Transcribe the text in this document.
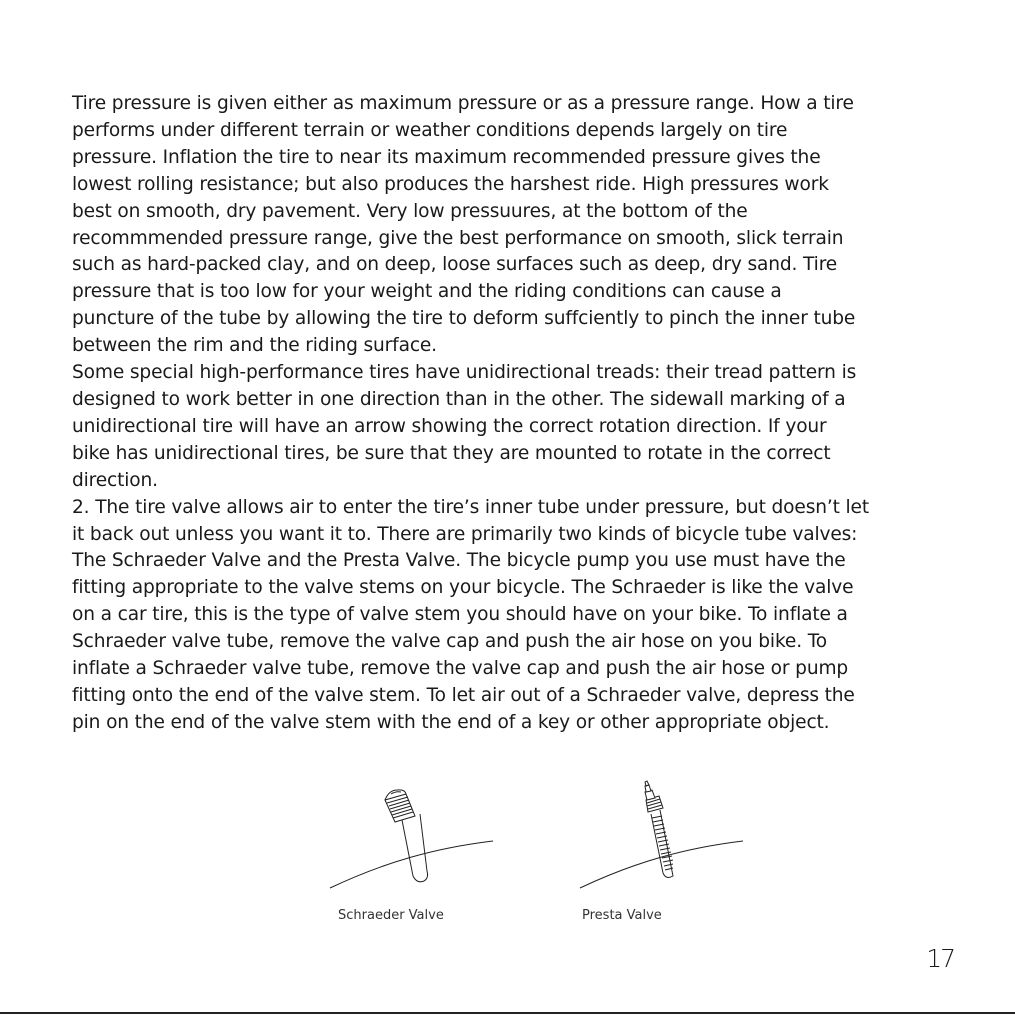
Tire pressure is given either as maximum pressure or as a pressure range. How a tire
performs under different terrain or weather conditions depends largely on tire
pressure. Inflation the tire to near its maximum recommended pressure gives the
lowest rolling resistance; but also produces the harshest ride. High pressures work
best on smooth, dry pavement. Very low pressuures, at the bottom of the
recommmended pressure range, give the best performance on smooth, slick terrain
such as hard-packed clay, and on deep, loose surfaces such as deep, dry sand. Tire
pressure that is too low for your weight and the riding conditions can cause a
puncture of the tube by allowing the tire to deform suffciently to pinch the inner tube
between the rim and the riding surface.
Some special high-performance tires have unidirectional treads: their tread pattern is
designed to work better in one direction than in the other. The sidewall marking of a
unidirectional tire will have an arrow showing the correct rotation direction. If your
bike has unidirectional tires, be sure that they are mounted to rotate in the correct
direction.
2. The tire valve allows air to enter the tire’s inner tube under pressure, but doesn’t let
it back out unless you want it to. There are primarily two kinds of bicycle tube valves:
The Schraeder Valve and the Presta Valve. The bicycle pump you use must have the
fitting appropriate to the valve stems on your bicycle. The Schraeder is like the valve
on a car tire, this is the type of valve stem you should have on your bike. To inflate a
Schraeder valve tube, remove the valve cap and push the air hose on you bike. To
inflate a Schraeder valve tube, remove the valve cap and push the air hose or pump
fitting onto the end of the valve stem. To let air out of a Schraeder valve, depress the
pin on the end of the valve stem with the end of a key or other appropriate object.
Schraeder Valve	Presta Valve
17
